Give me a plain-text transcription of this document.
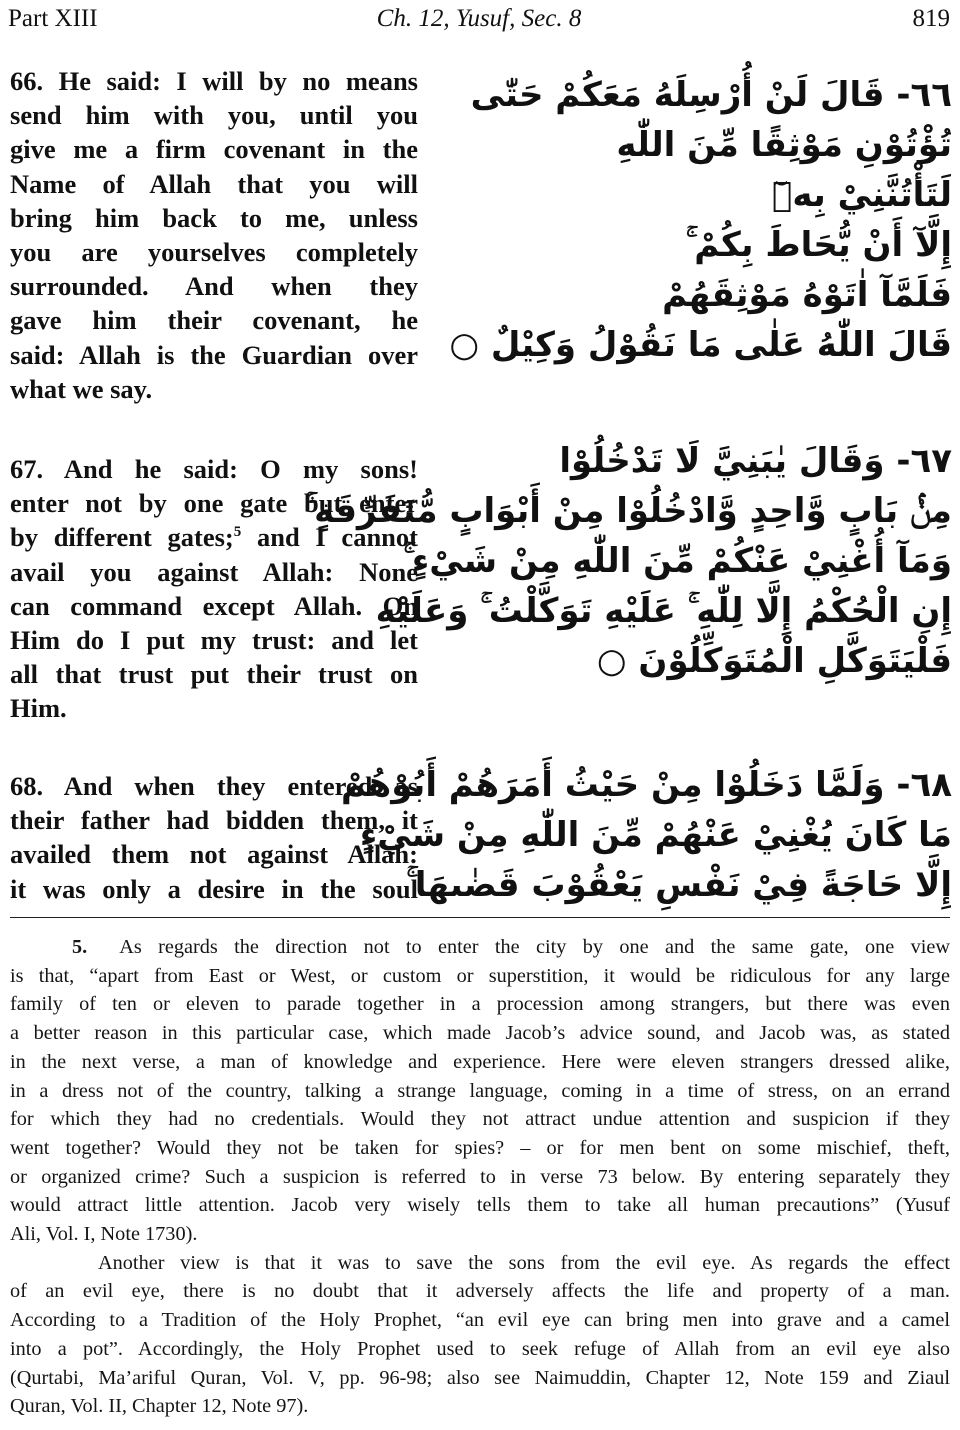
Part XIII	Ch. 12, Yusuf, Sec. 8	819
66. He said: I will by no means
send him with you, until you
give me a firm covenant in the
Name of Allah that you will
bring him back to me, unless
you are yourselves completely
surrounded. And when they
gave him their covenant, he
said: Allah is the Guardian over
what we say.
٦٦- قَالَ لَنْ أُرْسِلَهُ مَعَكُمْ حَتّٰى
تُؤْتُوْنِ مَوْثِقًا مِّنَ اللّٰهِ
لَتَأْتُنَّنِيْ بِهٖٓ
إِلَّآ أَنْ يُّحَاطَ بِكُمْ ۚ
فَلَمَّآ اٰتَوْهُ مَوْثِقَهُمْ
قَالَ اللّٰهُ عَلٰى مَا نَقُوْلُ وَكِيْلٌ ○
67. And he said: O my sons!
enter not by one gate but enter
by different gates;$^5$ and I cannot
avail you against Allah: None
can command except Allah. On
Him do I put my trust: and let
all that trust put their trust on
Him.
٦٧- وَقَالَ يٰبَنِيَّ لَا تَدْخُلُوْا
مِنْۢ بَابٍ وَّاحِدٍ وَّادْخُلُوْا مِنْ أَبْوَابٍ مُّتَفَرِّقَةٍ ۚ
وَمَآ أُغْنِيْ عَنْكُمْ مِّنَ اللّٰهِ مِنْ شَيْءٍ ۚ
إِنِ الْحُكْمُ إِلَّا لِلّٰهِ ۚ عَلَيْهِ تَوَكَّلْتُ ۚ وَعَلَيْهِ
فَلْيَتَوَكَّلِ الْمُتَوَكِّلُوْنَ ○
68. And when they entered as
their father had bidden them, it
availed them not against Allah:
it was only a desire in the soul
٦٨- وَلَمَّا دَخَلُوْا مِنْ حَيْثُ أَمَرَهُمْ أَبُوْهُمْ
مَا كَانَ يُغْنِيْ عَنْهُمْ مِّنَ اللّٰهِ مِنْ شَيْءٍ
إِلَّا حَاجَةً فِيْ نَفْسِ يَعْقُوْبَ قَضٰىهَا ۚ

5. As regards the direction not to enter the city by one and the same gate, one view
is that, “apart from East or West, or custom or superstition, it would be ridiculous for any large
family of ten or eleven to parade together in a procession among strangers, but there was even
a better reason in this particular case, which made Jacob’s advice sound, and Jacob was, as stated
in the next verse, a man of knowledge and experience. Here were eleven strangers dressed alike,
in a dress not of the country, talking a strange language, coming in a time of stress, on an errand
for which they had no credentials. Would they not attract undue attention and suspicion if they
went together? Would they not be taken for spies? – or for men bent on some mischief, theft,
or organized crime? Such a suspicion is referred to in verse 73 below. By entering separately they
would attract little attention. Jacob very wisely tells them to take all human precautions” (Yusuf
Ali, Vol. I, Note 1730).

Another view is that it was to save the sons from the evil eye. As regards the effect
of an evil eye, there is no doubt that it adversely affects the life and property of a man.
According to a Tradition of the Holy Prophet, “an evil eye can bring men into grave and a camel
into a pot”. Accordingly, the Holy Prophet used to seek refuge of Allah from an evil eye also
(Qurtabi, Ma’ariful Quran, Vol. V, pp. 96-98; also see Naimuddin, Chapter 12, Note 159 and Ziaul
Quran, Vol. II, Chapter 12, Note 97).
